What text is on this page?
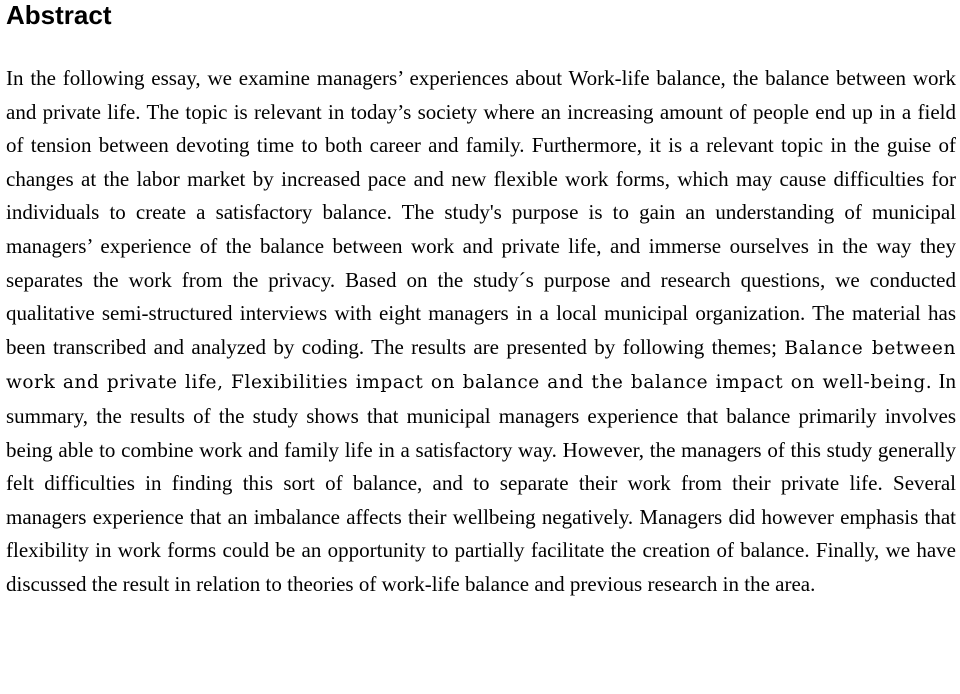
Abstract

In the following essay, we examine managers’ experiences about Work-life balance, the balance between work and private life. The topic is relevant in today’s society where an increasing amount of people end up in a field of tension between devoting time to both career and family. Furthermore, it is a relevant topic in the guise of changes at the labor market by increased pace and new flexible work forms, which may cause difficulties for individuals to create a satisfactory balance. The study's purpose is to gain an understanding of municipal managers’ experience of the balance between work and private life, and immerse ourselves in the way they separates the work from the privacy. Based on the study´s purpose and research questions, we conducted qualitative semi-structured interviews with eight managers in a local municipal organization. The material has been transcribed and analyzed by coding. The results are presented by following themes; Balance between work and private life, Flexibilities impact on balance and the balance impact on well-being. In summary, the results of the study shows that municipal managers experience that balance primarily involves being able to combine work and family life in a satisfactory way. However, the managers of this study generally felt difficulties in finding this sort of balance, and to separate their work from their private life. Several managers experience that an imbalance affects their wellbeing negatively. Managers did however emphasis that flexibility in work forms could be an opportunity to partially facilitate the creation of balance. Finally, we have discussed the result in relation to theories of work-life balance and previous research in the area.
